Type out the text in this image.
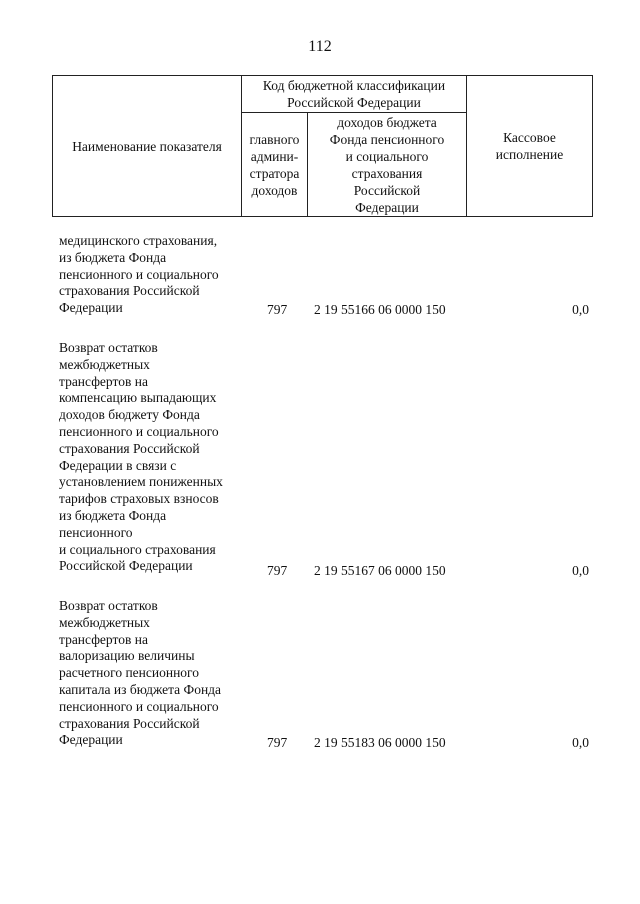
112
Наименование показателя
Код бюджетной классификации
Российской Федерации
главного
админи-
стратора
доходов
доходов бюджета
Фонда пенсионного
и социального
страхования
Российской
Федерации
Кассовое
исполнение
медицинского страхования,
из бюджета Фонда
пенсионного и социального
страхования Российской
Федерации	797 2 19 55166 06 0000 150	0,0
Возврат остатков
межбюджетных
трансфертов на
компенсацию выпадающих
доходов бюджету Фонда
пенсионного и социального
страхования Российской
Федерации в связи с
установлением пониженных
тарифов страховых взносов
из бюджета Фонда
пенсионного
и социального страхования
Российской Федерации	797 2 19 55167 06 0000 150	0,0
Возврат остатков
межбюджетных
трансфертов на
валоризацию величины
расчетного пенсионного
капитала из бюджета Фонда
пенсионного и социального
страхования Российской
Федерации	797 2 19 55183 06 0000 150	0,0
